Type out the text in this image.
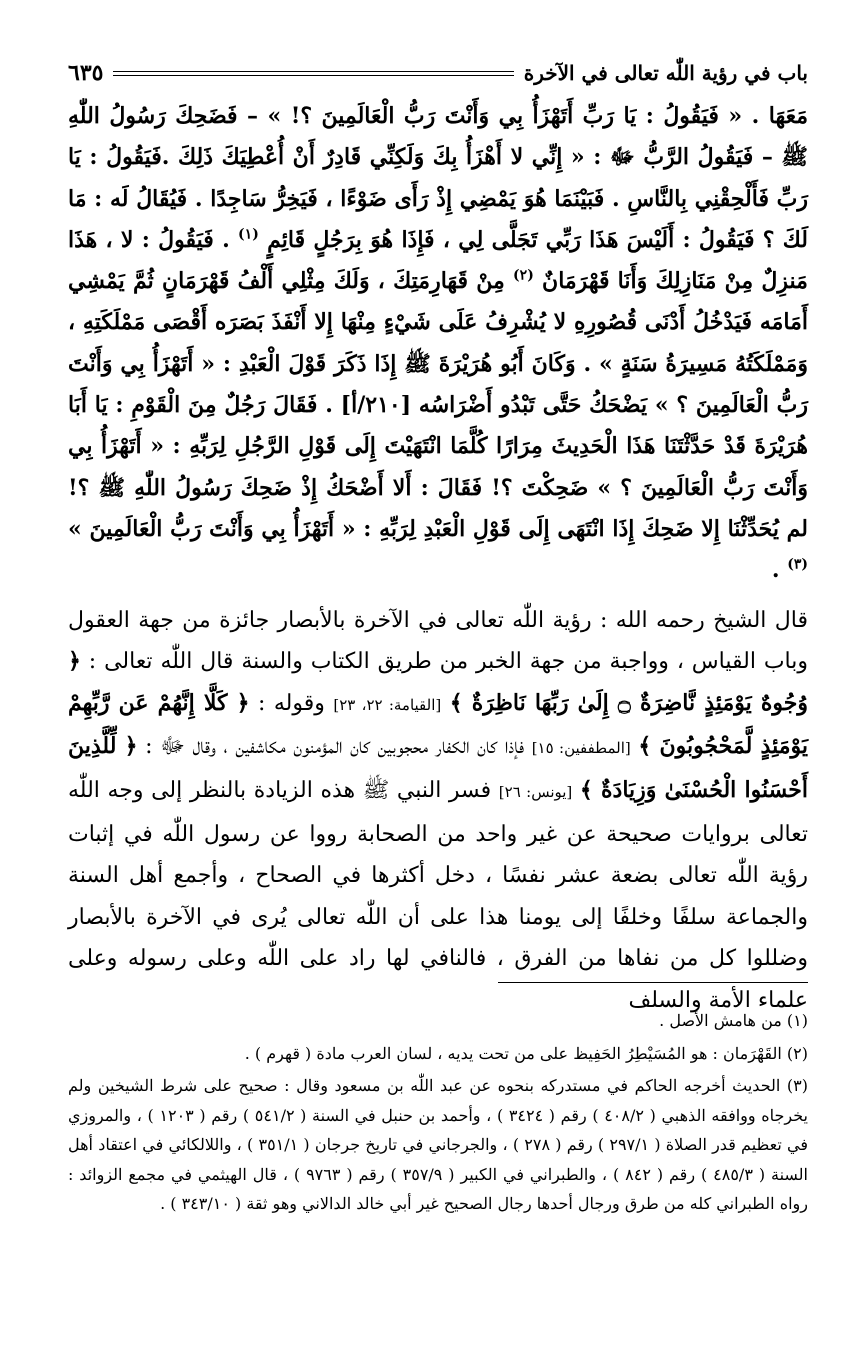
باب في رؤية اللّٰه تعالى في الآخرة
٦٣٥

مَعَهَا . « فَيَقُولُ : يَا رَبِّ أَتَهْزَأُ بِي وَأَنْتَ رَبُّ الْعَالَمِينَ ؟! » – فَضَحِكَ رَسُولُ اللّٰهِ ﷺ – فَيَقُولُ الرَّبُّ ﷻ : « إِنِّي لا أَهْزَأُ بِكَ وَلَكِنِّي قَادِرٌ أَنْ أُعْطِيَكَ ذَلِكَ .فَيَقُولُ : يَا رَبِّ فَأَلْحِقْنِي بِالنَّاسِ . فَبَيْنَمَا هُوَ يَمْضِي إِذْ رَأَى ضَوْءًا ، فَيَخِرُّ سَاجِدًا . فَيُقَالُ لَه : مَا لَكَ ؟ فَيَقُولُ : أَلَيْسَ هَذَا رَبِّي تَجَلَّى لِي ، فَإِذَا هُوَ بِرَجُلٍ قَائِمٍ $^{(١)}$ . فَيَقُولُ : لا ، هَذَا مَنزِلٌ مِنْ مَنَازِلِكَ وَأَنَا قَهْرَمَانٌ $^{(٢)}$ مِنْ قَهَارِمَتِكَ ، وَلَكَ مِثْلِي أَلْفُ قَهْرَمَانٍ ثُمَّ يَمْشِي أَمَامَه فَيَدْخُلُ أَدْنَى قُصُورِهِ لا يُشْرِفُ عَلَى شَيْءٍ مِنْهَا إِلا أَنْفَذَ بَصَرَه أَقْصَى مَمْلَكَتِهِ ، وَمَمْلَكَتُهُ مَسِيرَةُ سَنَةٍ » . وَكَانَ أَبُو هُرَيْرَةَ ﷺ إِذَا ذَكَرَ قَوْلَ الْعَبْدِ : « أَتَهْزَأُ بِي وَأَنْتَ رَبُّ الْعَالَمِينَ ؟ » يَضْحَكُ حَتَّى تَبْدُو أَضْرَاسُه [٢١٠/أ] . فَقَالَ رَجُلٌ مِنَ الْقَوْمِ : يَا أَبَا هُرَيْرَةَ قَدْ حَدَّثْتَنَا هَذَا الْحَدِيثَ مِرَارًا كُلَّمَا انْتَهَيْتَ إِلَى قَوْلِ الرَّجُلِ لِرَبِّهِ : « أَتَهْزَأُ بِي وَأَنْتَ رَبُّ الْعَالَمِينَ ؟ » ضَحِكْتَ ؟! فَقَالَ : أَلا أَضْحَكُ إِذْ ضَحِكَ رَسُولُ اللّٰهِ ﷺ ؟! لم يُحَدِّثْنَا إِلا ضَحِكَ إِذَا انْتَهَى إِلَى قَوْلِ الْعَبْدِ لِرَبِّهِ : « أَتَهْزَأُ بِي وَأَنْتَ رَبُّ الْعَالَمِينَ » $^{(٣)}$ .

قال الشيخ رحمه الله : رؤية اللّٰه تعالى في الآخرة بالأبصار جائزة من جهة العقول وباب القياس ، وواجبة من جهة الخبر من طريق الكتاب والسنة قال اللّٰه تعالى : ﴿ وُجُوهٌ يَوْمَئِذٍ نَّاضِرَةٌ ۝ إِلَىٰ رَبِّهَا نَاظِرَةٌ ﴾ [القيامة: ٢٢، ٢٣] وقوله : ﴿ كَلَّا إِنَّهُمْ عَن رَّبِّهِمْ يَوْمَئِذٍ لَّمَحْجُوبُونَ ﴾ [المطففين: ١٥] فإذا كان الكفار محجوبين كان المؤمنون مكاشفين ، وقال ﷻ : ﴿ لِّلَّذِينَ أَحْسَنُوا الْحُسْنَىٰ وَزِيَادَةٌ ﴾ [يونس: ٢٦] فسر النبي ﷺ هذه الزيادة بالنظر إلى وجه اللّٰه تعالى بروايات صحيحة عن غير واحد من الصحابة رووا عن رسول اللّٰه في إثبات رؤية اللّٰه تعالى بضعة عشر نفسًا ، دخل أكثرها في الصحاح ، وأجمع أهل السنة والجماعة سلفًا وخلفًا إلى يومنا هذا على أن اللّٰه تعالى يُرى في الآخرة بالأبصار وضللوا كل من نفاها من الفرق ، فالنافي لها راد على اللّٰه وعلى رسوله وعلى علماء الأمة والسلف

(١) من هامش الأصل .

(٢) القَهْرَمان : هو المُسَيْطِرُ الحَفِيظ على من تحت يديه ، لسان العرب مادة ( قهرم ) .

(٣) الحديث أخرجه الحاكم في مستدركه بنحوه عن عبد اللّٰه بن مسعود وقال : صحيح على شرط الشيخين ولم يخرجاه ووافقه الذهبي ( ٤٠٨/٢ ) رقم ( ٣٤٢٤ ) ، وأحمد بن حنبل في السنة ( ٥٤١/٢ ) رقم ( ١٢٠٣ ) ، والمروزي في تعظيم قدر الصلاة ( ٢٩٧/١ ) رقم ( ٢٧٨ ) ، والجرجاني في تاريخ جرجان ( ٣٥١/١ ) ، واللالكائي في اعتقاد أهل السنة ( ٤٨٥/٣ ) رقم ( ٨٤٢ ) ، والطبراني في الكبير ( ٣٥٧/٩ ) رقم ( ٩٧٦٣ ) ، قال الهيثمي في مجمع الزوائد : رواه الطبراني كله من طرق ورجال أحدها رجال الصحيح غير أبي خالد الدالاني وهو ثقة ( ٣٤٣/١٠ ) .
